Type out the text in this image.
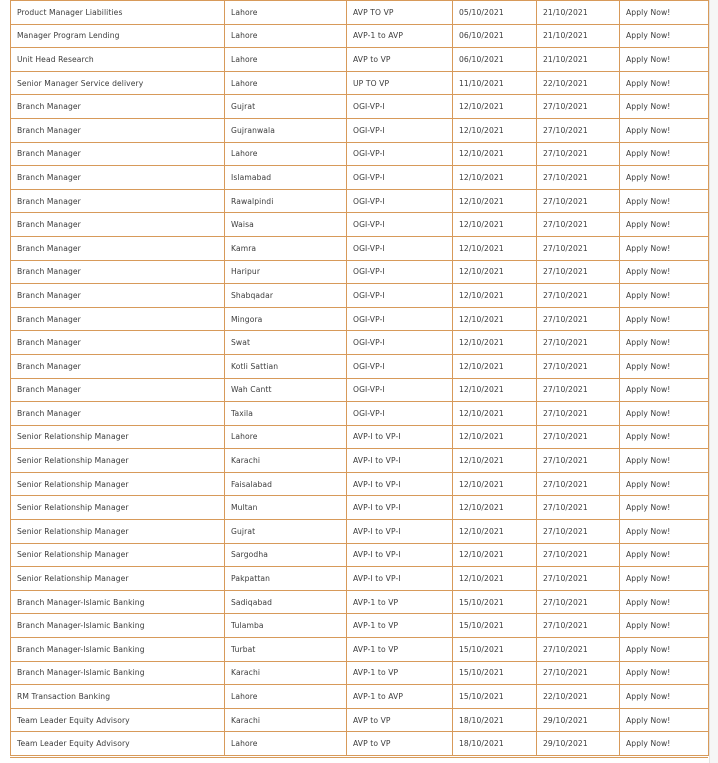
Product Manager Liabilities	Lahore	AVP TO VP	05/10/2021	21/10/2021	Apply Now!
Manager Program Lending	Lahore	AVP-1 to AVP	06/10/2021	21/10/2021	Apply Now!
Unit Head Research	Lahore	AVP to VP	06/10/2021	21/10/2021	Apply Now!
Senior Manager Service delivery	Lahore	UP TO VP	11/10/2021	22/10/2021	Apply Now!
Branch Manager	Gujrat	OGI-VP-I	12/10/2021	27/10/2021	Apply Now!
Branch Manager	Gujranwala	OGI-VP-I	12/10/2021	27/10/2021	Apply Now!
Branch Manager	Lahore	OGI-VP-I	12/10/2021	27/10/2021	Apply Now!
Branch Manager	Islamabad	OGI-VP-I	12/10/2021	27/10/2021	Apply Now!
Branch Manager	Rawalpindi	OGI-VP-I	12/10/2021	27/10/2021	Apply Now!
Branch Manager	Waisa	OGI-VP-I	12/10/2021	27/10/2021	Apply Now!
Branch Manager	Kamra	OGI-VP-I	12/10/2021	27/10/2021	Apply Now!
Branch Manager	Haripur	OGI-VP-I	12/10/2021	27/10/2021	Apply Now!
Branch Manager	Shabqadar	OGI-VP-I	12/10/2021	27/10/2021	Apply Now!
Branch Manager	Mingora	OGI-VP-I	12/10/2021	27/10/2021	Apply Now!
Branch Manager	Swat	OGI-VP-I	12/10/2021	27/10/2021	Apply Now!
Branch Manager	Kotli Sattian	OGI-VP-I	12/10/2021	27/10/2021	Apply Now!
Branch Manager	Wah Cantt	OGI-VP-I	12/10/2021	27/10/2021	Apply Now!
Branch Manager	Taxila	OGI-VP-I	12/10/2021	27/10/2021	Apply Now!
Senior Relationship Manager	Lahore	AVP-I to VP-I	12/10/2021	27/10/2021	Apply Now!
Senior Relationship Manager	Karachi	AVP-I to VP-I	12/10/2021	27/10/2021	Apply Now!
Senior Relationship Manager	Faisalabad	AVP-I to VP-I	12/10/2021	27/10/2021	Apply Now!
Senior Relationship Manager	Multan	AVP-I to VP-I	12/10/2021	27/10/2021	Apply Now!
Senior Relationship Manager	Gujrat	AVP-I to VP-I	12/10/2021	27/10/2021	Apply Now!
Senior Relationship Manager	Sargodha	AVP-I to VP-I	12/10/2021	27/10/2021	Apply Now!
Senior Relationship Manager	Pakpattan	AVP-I to VP-I	12/10/2021	27/10/2021	Apply Now!
Branch Manager-Islamic Banking	Sadiqabad	AVP-1 to VP	15/10/2021	27/10/2021	Apply Now!
Branch Manager-Islamic Banking	Tulamba	AVP-1 to VP	15/10/2021	27/10/2021	Apply Now!
Branch Manager-Islamic Banking	Turbat	AVP-1 to VP	15/10/2021	27/10/2021	Apply Now!
Branch Manager-Islamic Banking	Karachi	AVP-1 to VP	15/10/2021	27/10/2021	Apply Now!
RM Transaction Banking	Lahore	AVP-1 to AVP	15/10/2021	22/10/2021	Apply Now!
Team Leader Equity Advisory	Karachi	AVP to VP	18/10/2021	29/10/2021	Apply Now!
Team Leader Equity Advisory	Lahore	AVP to VP	18/10/2021	29/10/2021	Apply Now!
